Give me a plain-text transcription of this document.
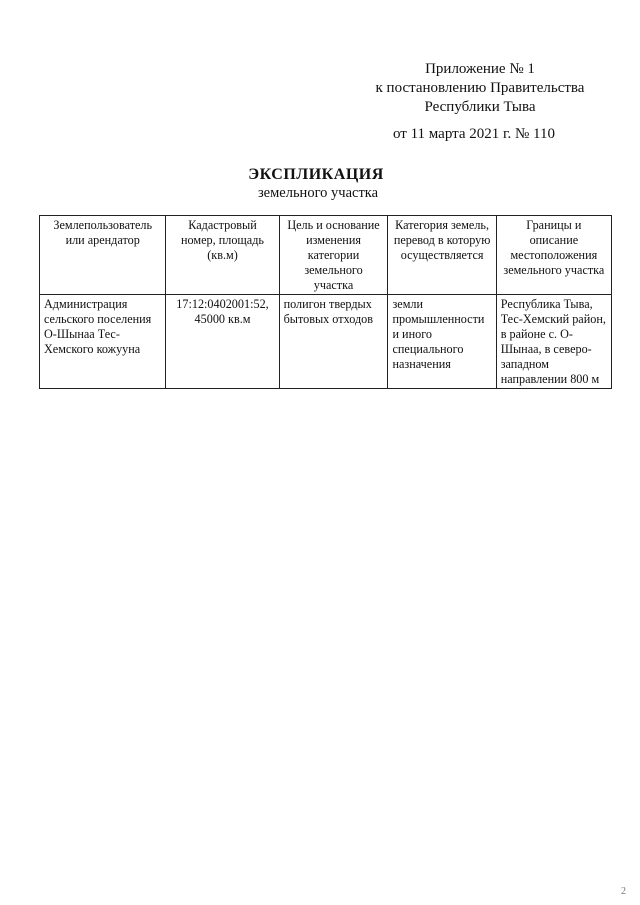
Приложение № 1
к постановлению Правительства
Республики Тыва
от 11 марта 2021 г. № 110
ЭКСПЛИКАЦИЯ
земельного участка
Землепользователь или арендатор	Кадастровый номер, площадь (кв.м)	Цель и основание изменения категории земельного участка	Категория земель, перевод в которую осуществляется	Границы и описание местоположения земельного участка
Администрация сельского поселения О-Шынаа Тес-Хемского кожууна	17:12:0402001:52, 45000 кв.м	полигон твердых бытовых отходов	земли промышленности и иного специального назначения	Республика Тыва, Тес-Хемский район, в районе с. О-Шынаа, в северо-западном направлении 800 м
2
